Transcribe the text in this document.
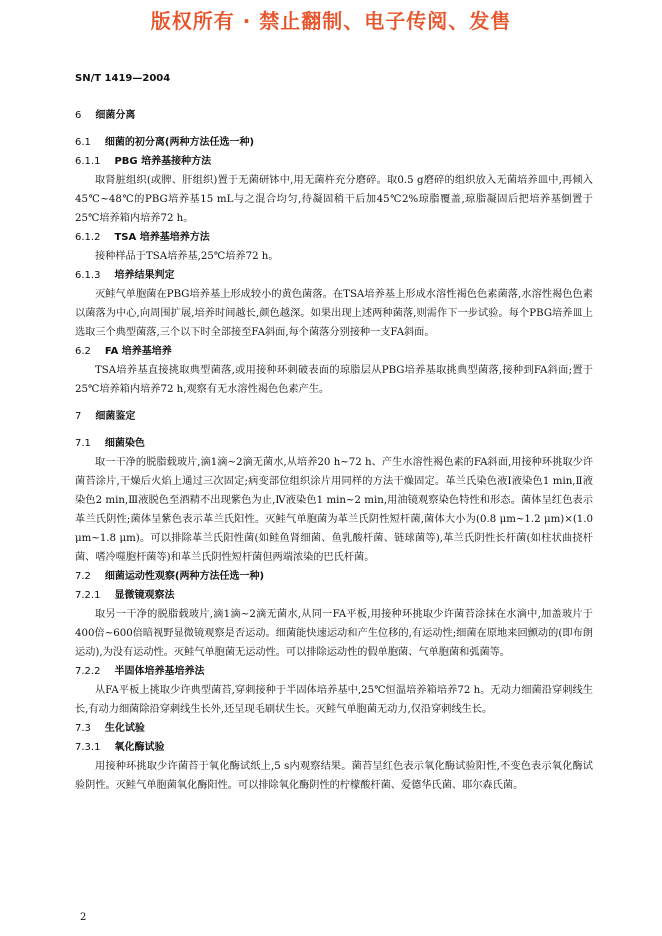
版权所有 · 禁止翻制、电子传阅、发售
SN/T 1419—2004

6 细菌分离

6.1 细菌的初分离(两种方法任选一种)

6.1.1 PBG 培养基接种方法

取肾脏组织(或脾、肝组织)置于无菌研钵中,用无菌杵充分磨碎。取0.5 g磨碎的组织放入无菌培养皿中,再倾入45℃~48℃的PBG培养基15 mL与之混合均匀,待凝固稍干后加45℃2%琼脂覆盖,琼脂凝固后把培养基倒置于25℃培养箱内培养72 h。

6.1.2 TSA 培养基培养方法

接种样品于TSA培养基,25℃培养72 h。

6.1.3 培养结果判定

灭鲑气单胞菌在PBG培养基上形成较小的黄色菌落。在TSA培养基上形成水溶性褐色色素菌落,水溶性褐色色素以菌落为中心,向周围扩展,培养时间越长,颜色越深。如果出现上述两种菌落,则需作下一步试验。每个PBG培养皿上选取三个典型菌落,三个以下时全部接至FA斜面,每个菌落分别接种一支FA斜面。

6.2 FA 培养基培养

TSA培养基直接挑取典型菌落,或用接种环刺破表面的琼脂层从PBG培养基取挑典型菌落,接种到FA斜面;置于25℃培养箱内培养72 h,观察有无水溶性褐色色素产生。

7 细菌鉴定

7.1 细菌染色

取一干净的脱脂载玻片,滴1滴~2滴无菌水,从培养20 h~72 h、产生水溶性褐色素的FA斜面,用接种环挑取少许菌苔涂片,干燥后火焰上通过三次固定;病变部位组织涂片用同样的方法干燥固定。革兰氏染色液Ⅰ液染色1 min,Ⅱ液染色2 min,Ⅲ液脱色至酒精不出现紫色为止,Ⅳ液染色1 min~2 min,用油镜观察染色特性和形态。菌体呈红色表示革兰氏阴性;菌体呈紫色表示革兰氏阳性。灭鲑气单胞菌为革兰氏阴性短杆菌,菌体大小为(0.8 μm~1.2 μm)×(1.0 μm~1.8 μm)。可以排除革兰氏阳性菌(如鲑鱼肾细菌、鱼乳酸杆菌、链球菌等),革兰氏阴性长杆菌(如柱状曲挠杆菌、嗜冷噬胞杆菌等)和革兰氏阴性短杆菌但两端浓染的巴氏杆菌。

7.2 细菌运动性观察(两种方法任选一种)

7.2.1 显微镜观察法

取另一干净的脱脂载玻片,滴1滴~2滴无菌水,从同一FA平板,用接种环挑取少许菌苔涂抹在水滴中,加盖玻片于400倍~600倍暗视野显微镜观察是否运动。细菌能快速运动和产生位移的,有运动性;细菌在原地来回颤动的(即布朗运动),为没有运动性。灭鲑气单胞菌无运动性。可以排除运动性的假单胞菌、气单胞菌和弧菌等。

7.2.2 半固体培养基培养法

从FA平板上挑取少许典型菌苔,穿刺接种于半固体培养基中,25℃恒温培养箱培养72 h。无动力细菌沿穿刺线生长,有动力细菌除沿穿刺线生长外,还呈现毛刷状生长。灭鲑气单胞菌无动力,仅沿穿刺线生长。

7.3 生化试验

7.3.1 氧化酶试验

用接种环挑取少许菌苔于氧化酶试纸上,5 s内观察结果。菌苔呈红色表示氧化酶试验阳性,不变色表示氧化酶试验阴性。灭鲑气单胞菌氧化酶阳性。可以排除氧化酶阴性的柠檬酸杆菌、爱德华氏菌、耶尔森氏菌。

2
